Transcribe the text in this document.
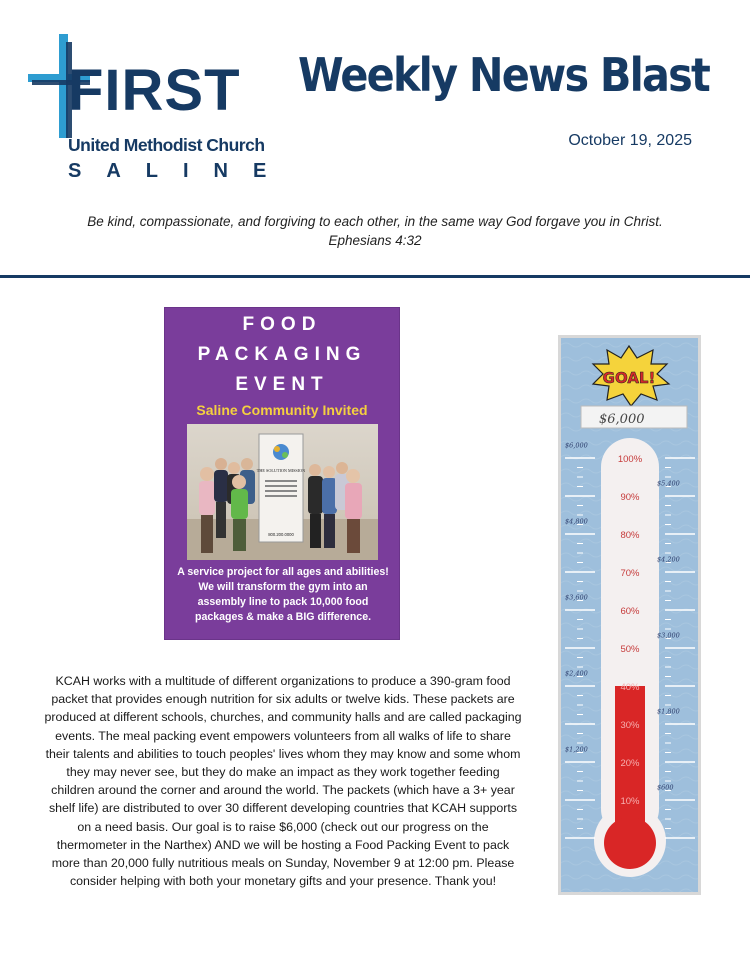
FIRST
United Methodist Church
SALINE
Weekly News Blast
October 19, 2025
Be kind, compassionate, and forgiving to each other, in the same way God forgave you in Christ.
Ephesians 4:32
FOOD
PACKAGING
EVENT
Saline Community Invited
THE SOLUTION MISSION
800.200.0000
A service project for all ages and abilities! We will transform the gym into an assembly line to pack 10,000 food packages & make a BIG difference.
GOAL!
$6,000
100%
90%
80%
70%
60%
50%
40%
30%
20%
10%
$6,000
$4,800
$3,600
$2,400
$1,200
$5,400
$4,200
$3,000
$1,800
$600
KCAH works with a multitude of different organizations to produce a 390-gram food packet that provides enough nutrition for six adults or twelve kids. These packets are produced at different schools, churches, and community halls and are called packaging events. The meal packing event empowers volunteers from all walks of life to share their talents and abilities to touch peoples' lives whom they may know and some whom they may never see, but they do make an impact as they work together feeding children around the corner and around the world. The packets (which have a 3+ year shelf life) are distributed to over 30 different developing countries that KCAH supports on a need basis. Our goal is to raise $6,000 (check out our progress on the thermometer in the Narthex) AND we will be hosting a Food Packing Event to pack more than 20,000 fully nutritious meals on Sunday, November 9 at 12:00 pm. Please consider helping with both your monetary gifts and your presence. Thank you!
